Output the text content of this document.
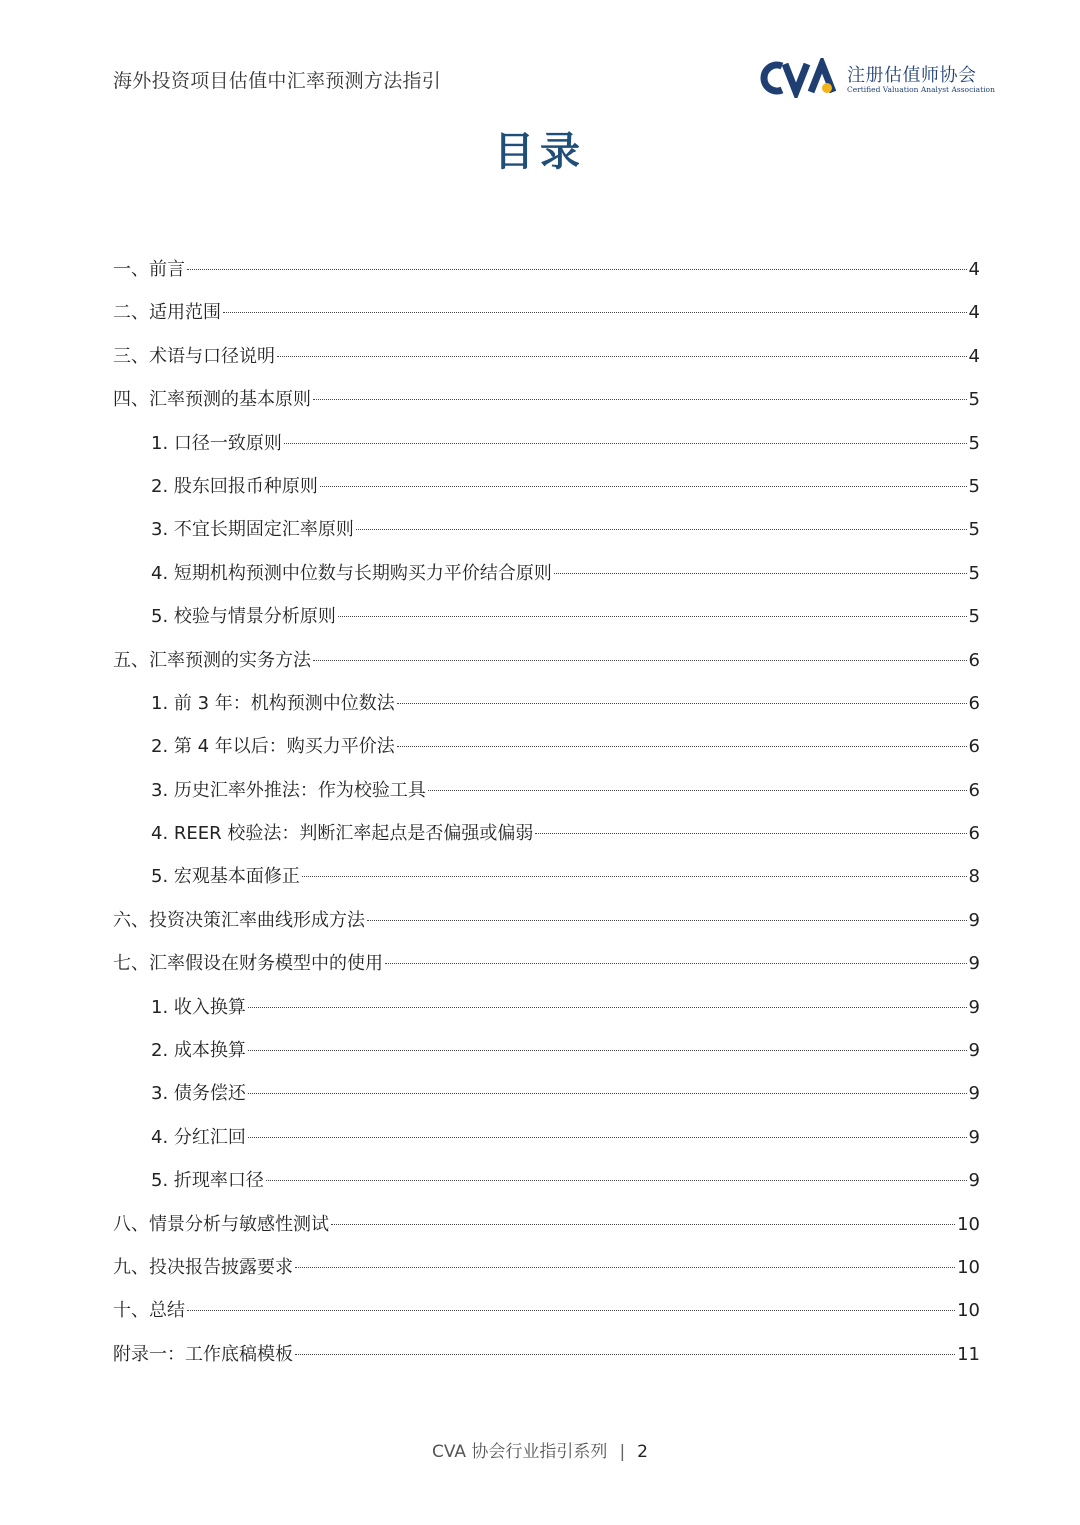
海外投资项目估值中汇率预测方法指引	注册估值师协会
Certified Valuation Analyst Association
目录
一、前言	4
二、适用范围	4
三、术语与口径说明	4
四、汇率预测的基本原则	5
1. 口径一致原则	5
2. 股东回报币种原则	5
3. 不宜长期固定汇率原则	5
4. 短期机构预测中位数与长期购买力平价结合原则	5
5. 校验与情景分析原则	5
五、汇率预测的实务方法	6
1. 前 3 年：机构预测中位数法	6
2. 第 4 年以后：购买力平价法	6
3. 历史汇率外推法：作为校验工具	6
4. REER 校验法：判断汇率起点是否偏强或偏弱	6
5. 宏观基本面修正	8
六、投资决策汇率曲线形成方法	9
七、汇率假设在财务模型中的使用	9
1. 收入换算	9
2. 成本换算	9
3. 债务偿还	9
4. 分红汇回	9
5. 折现率口径	9
八、情景分析与敏感性测试	10
九、投决报告披露要求	10
十、总结	10
附录一：工作底稿模板	11
CVA 协会行业指引系列 | 2
